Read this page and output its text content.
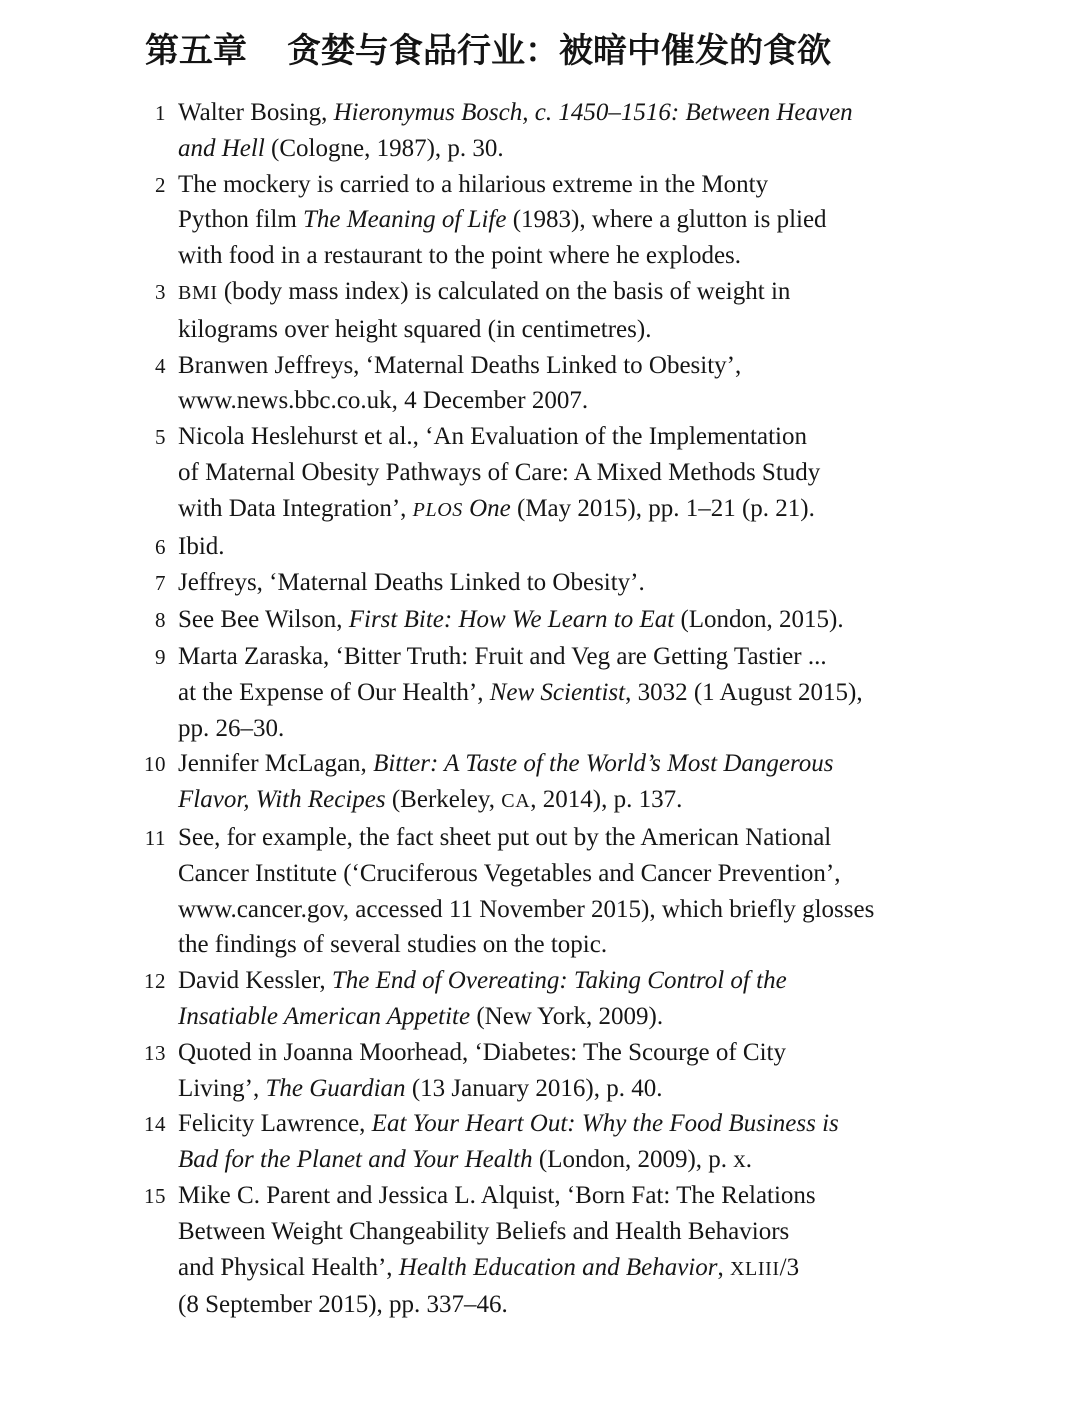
第五章 贪婪与食品行业：被暗中催发的食欲
1 Walter Bosing, Hieronymus Bosch, c. 1450–1516: Between Heaven
and Hell (Cologne, 1987), p. 30.
2 The mockery is carried to a hilarious extreme in the Monty
Python film The Meaning of Life (1983), where a glutton is plied
with food in a restaurant to the point where he explodes.
3 BMI (body mass index) is calculated on the basis of weight in
kilograms over height squared (in centimetres).
4 Branwen Jeffreys, ‘Maternal Deaths Linked to Obesity’,
www.news.bbc.co.uk, 4 December 2007.
5 Nicola Heslehurst et al., ‘An Evaluation of the Implementation
of Maternal Obesity Pathways of Care: A Mixed Methods Study
with Data Integration’, PLOS One (May 2015), pp. 1–21 (p. 21).
6 Ibid.
7 Jeffreys, ‘Maternal Deaths Linked to Obesity’.
8 See Bee Wilson, First Bite: How We Learn to Eat (London, 2015).
9 Marta Zaraska, ‘Bitter Truth: Fruit and Veg are Getting Tastier ...
at the Expense of Our Health’, New Scientist, 3032 (1 August 2015),
pp. 26–30.
10 Jennifer McLagan, Bitter: A Taste of the World’s Most Dangerous
Flavor, With Recipes (Berkeley, CA, 2014), p. 137.
11 See, for example, the fact sheet put out by the American National
Cancer Institute (‘Cruciferous Vegetables and Cancer Prevention’,
www.cancer.gov, accessed 11 November 2015), which briefly glosses
the findings of several studies on the topic.
12 David Kessler, The End of Overeating: Taking Control of the
Insatiable American Appetite (New York, 2009).
13 Quoted in Joanna Moorhead, ‘Diabetes: The Scourge of City
Living’, The Guardian (13 January 2016), p. 40.
14 Felicity Lawrence, Eat Your Heart Out: Why the Food Business is
Bad for the Planet and Your Health (London, 2009), p. x.
15 Mike C. Parent and Jessica L. Alquist, ‘Born Fat: The Relations
Between Weight Changeability Beliefs and Health Behaviors
and Physical Health’, Health Education and Behavior, XLIII/3
(8 September 2015), pp. 337–46.
